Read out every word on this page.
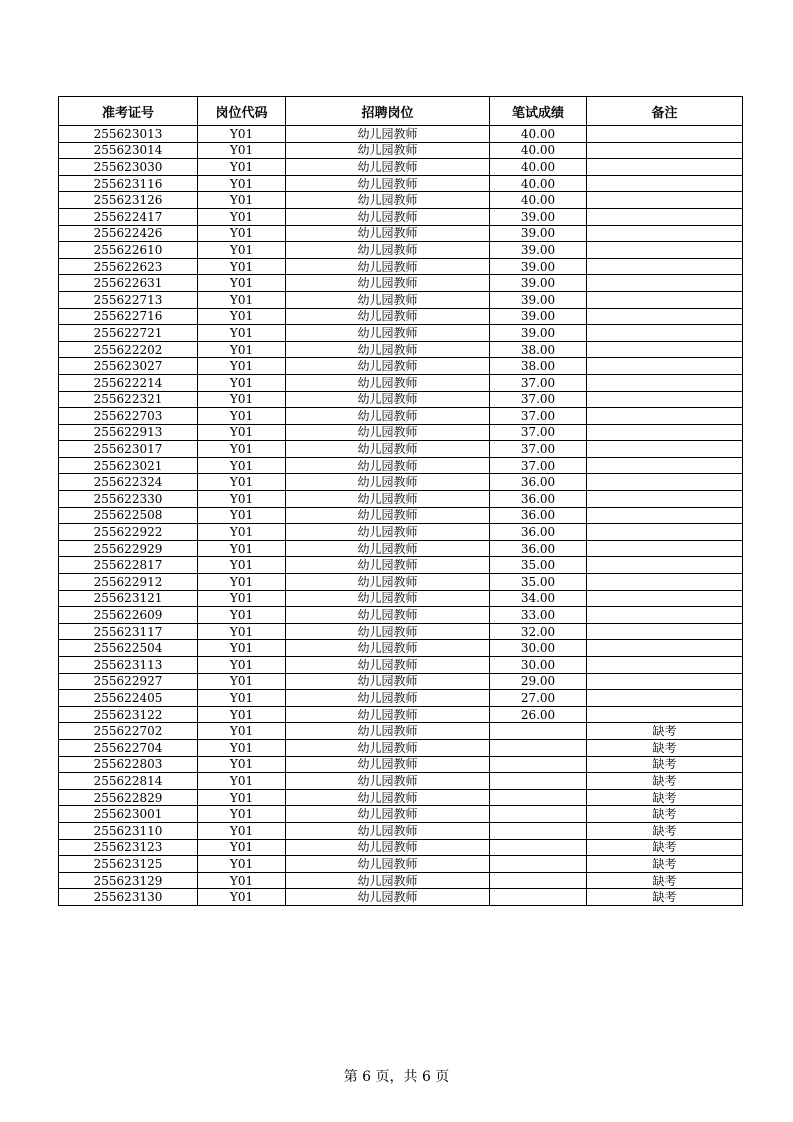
准考证号	岗位代码	招聘岗位	笔试成绩	备注
255623013	Y01	幼儿园教师	40.00	
255623014	Y01	幼儿园教师	40.00	
255623030	Y01	幼儿园教师	40.00	
255623116	Y01	幼儿园教师	40.00	
255623126	Y01	幼儿园教师	40.00	
255622417	Y01	幼儿园教师	39.00	
255622426	Y01	幼儿园教师	39.00	
255622610	Y01	幼儿园教师	39.00	
255622623	Y01	幼儿园教师	39.00	
255622631	Y01	幼儿园教师	39.00	
255622713	Y01	幼儿园教师	39.00	
255622716	Y01	幼儿园教师	39.00	
255622721	Y01	幼儿园教师	39.00	
255622202	Y01	幼儿园教师	38.00	
255623027	Y01	幼儿园教师	38.00	
255622214	Y01	幼儿园教师	37.00	
255622321	Y01	幼儿园教师	37.00	
255622703	Y01	幼儿园教师	37.00	
255622913	Y01	幼儿园教师	37.00	
255623017	Y01	幼儿园教师	37.00	
255623021	Y01	幼儿园教师	37.00	
255622324	Y01	幼儿园教师	36.00	
255622330	Y01	幼儿园教师	36.00	
255622508	Y01	幼儿园教师	36.00	
255622922	Y01	幼儿园教师	36.00	
255622929	Y01	幼儿园教师	36.00	
255622817	Y01	幼儿园教师	35.00	
255622912	Y01	幼儿园教师	35.00	
255623121	Y01	幼儿园教师	34.00	
255622609	Y01	幼儿园教师	33.00	
255623117	Y01	幼儿园教师	32.00	
255622504	Y01	幼儿园教师	30.00	
255623113	Y01	幼儿园教师	30.00	
255622927	Y01	幼儿园教师	29.00	
255622405	Y01	幼儿园教师	27.00	
255623122	Y01	幼儿园教师	26.00	
255622702	Y01	幼儿园教师		缺考
255622704	Y01	幼儿园教师		缺考
255622803	Y01	幼儿园教师		缺考
255622814	Y01	幼儿园教师		缺考
255622829	Y01	幼儿园教师		缺考
255623001	Y01	幼儿园教师		缺考
255623110	Y01	幼儿园教师		缺考
255623123	Y01	幼儿园教师		缺考
255623125	Y01	幼儿园教师		缺考
255623129	Y01	幼儿园教师		缺考
255623130	Y01	幼儿园教师		缺考
第 6 页，共 6 页
